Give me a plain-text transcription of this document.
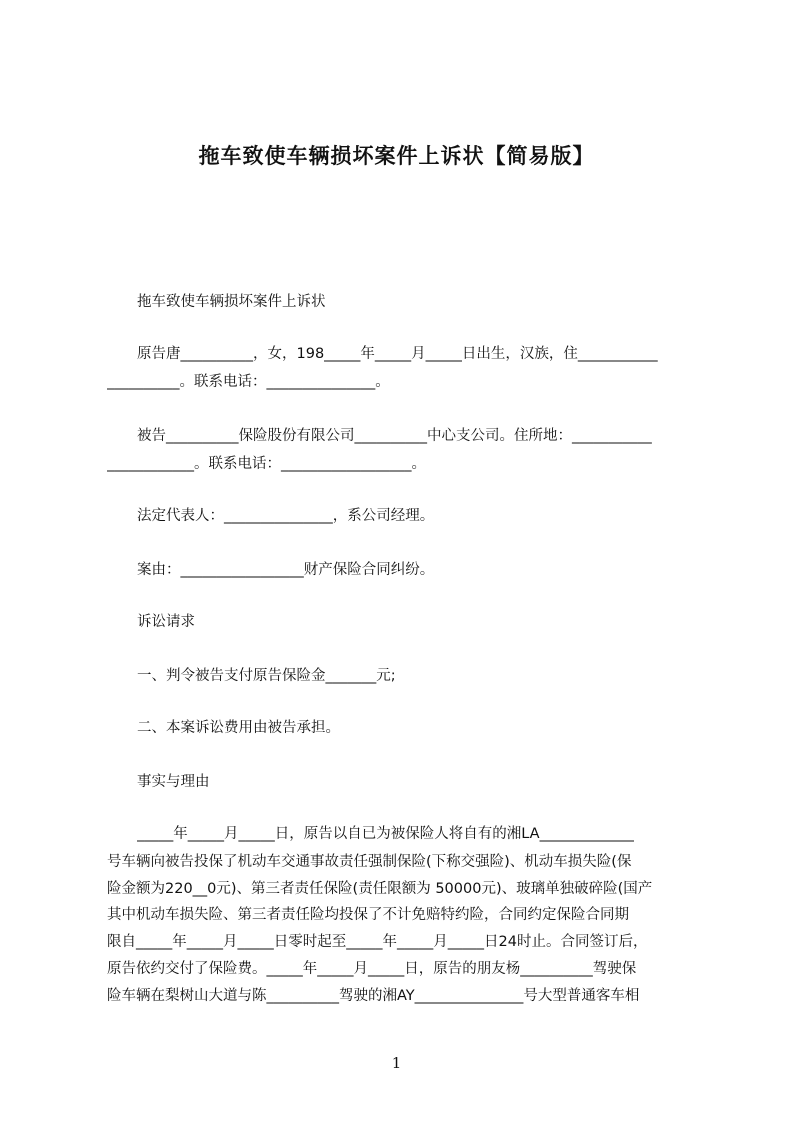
拖车致使车辆损坏案件上诉状【简易版】
拖车致使车辆损坏案件上诉状
原告唐__________，女，198_____年_____月_____日出生，汉族，住___________
__________。联系电话：_______________。
被告__________保险股份有限公司__________中心支公司。住所地：___________
____________。联系电话：__________________。
法定代表人：_______________，系公司经理。
案由：_________________财产保险合同纠纷。
诉讼请求
一、判令被告支付原告保险金_______元;
二、本案诉讼费用由被告承担。
事实与理由
_____年_____月_____日，原告以自已为被保险人将自有的湘LA_____________
号车辆向被告投保了机动车交通事故责任强制保险(下称交强险)、机动车损失险(保
险金额为220__0元)、第三者责任保险(责任限额为 50000元)、玻璃单独破碎险(国产
其中机动车损失险、第三者责任险均投保了不计免赔特约险，合同约定保险合同期
限自_____年_____月_____日零时起至_____年_____月_____日24时止。合同签订后，
原告依约交付了保险费。_____年_____月_____日，原告的朋友杨__________驾驶保
险车辆在梨树山大道与陈__________驾驶的湘AY_______________号大型普通客车相
1
